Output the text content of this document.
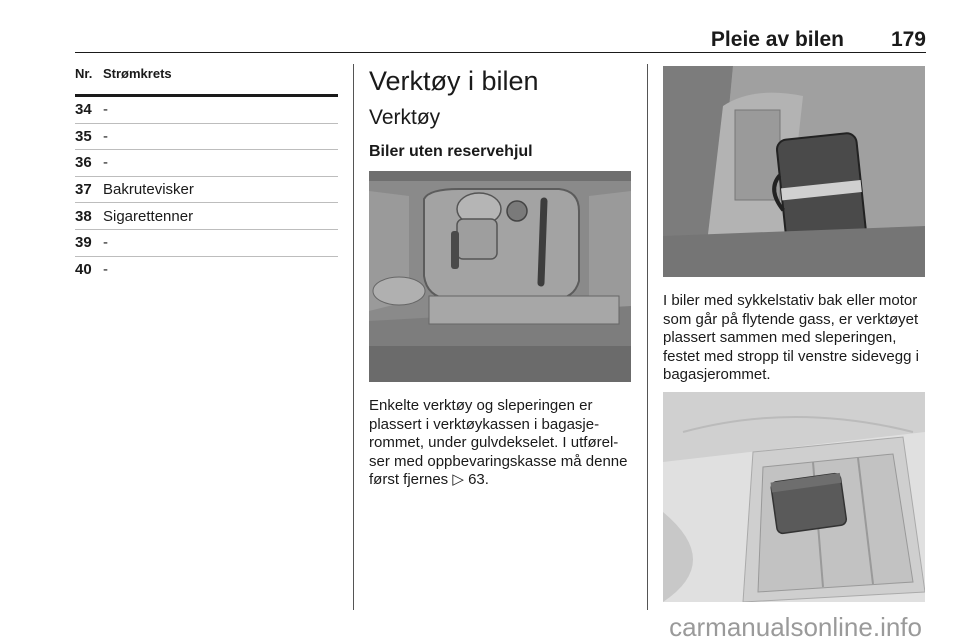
Pleie av bilen 179
Nr. Strømkrets
34 -
35 -
36 -
37 Bakrutevisker
38 Sigarettenner
39 -
40 -
Verktøy i bilen
Verktøy
Biler uten reservehjul
Enkelte verktøy og sleperingen er plassert i verktøykassen i bagasje-rommet, under gulvdekselet. I utførel-ser med oppbevaringskasse må denne først fjernes ▷ 63.
I biler med sykkelstativ bak eller motor som går på flytende gass, er verktøyet plassert sammen med sleperingen, festet med stropp til venstre sidevegg i bagasjerommet.
carmanualsonline.info
